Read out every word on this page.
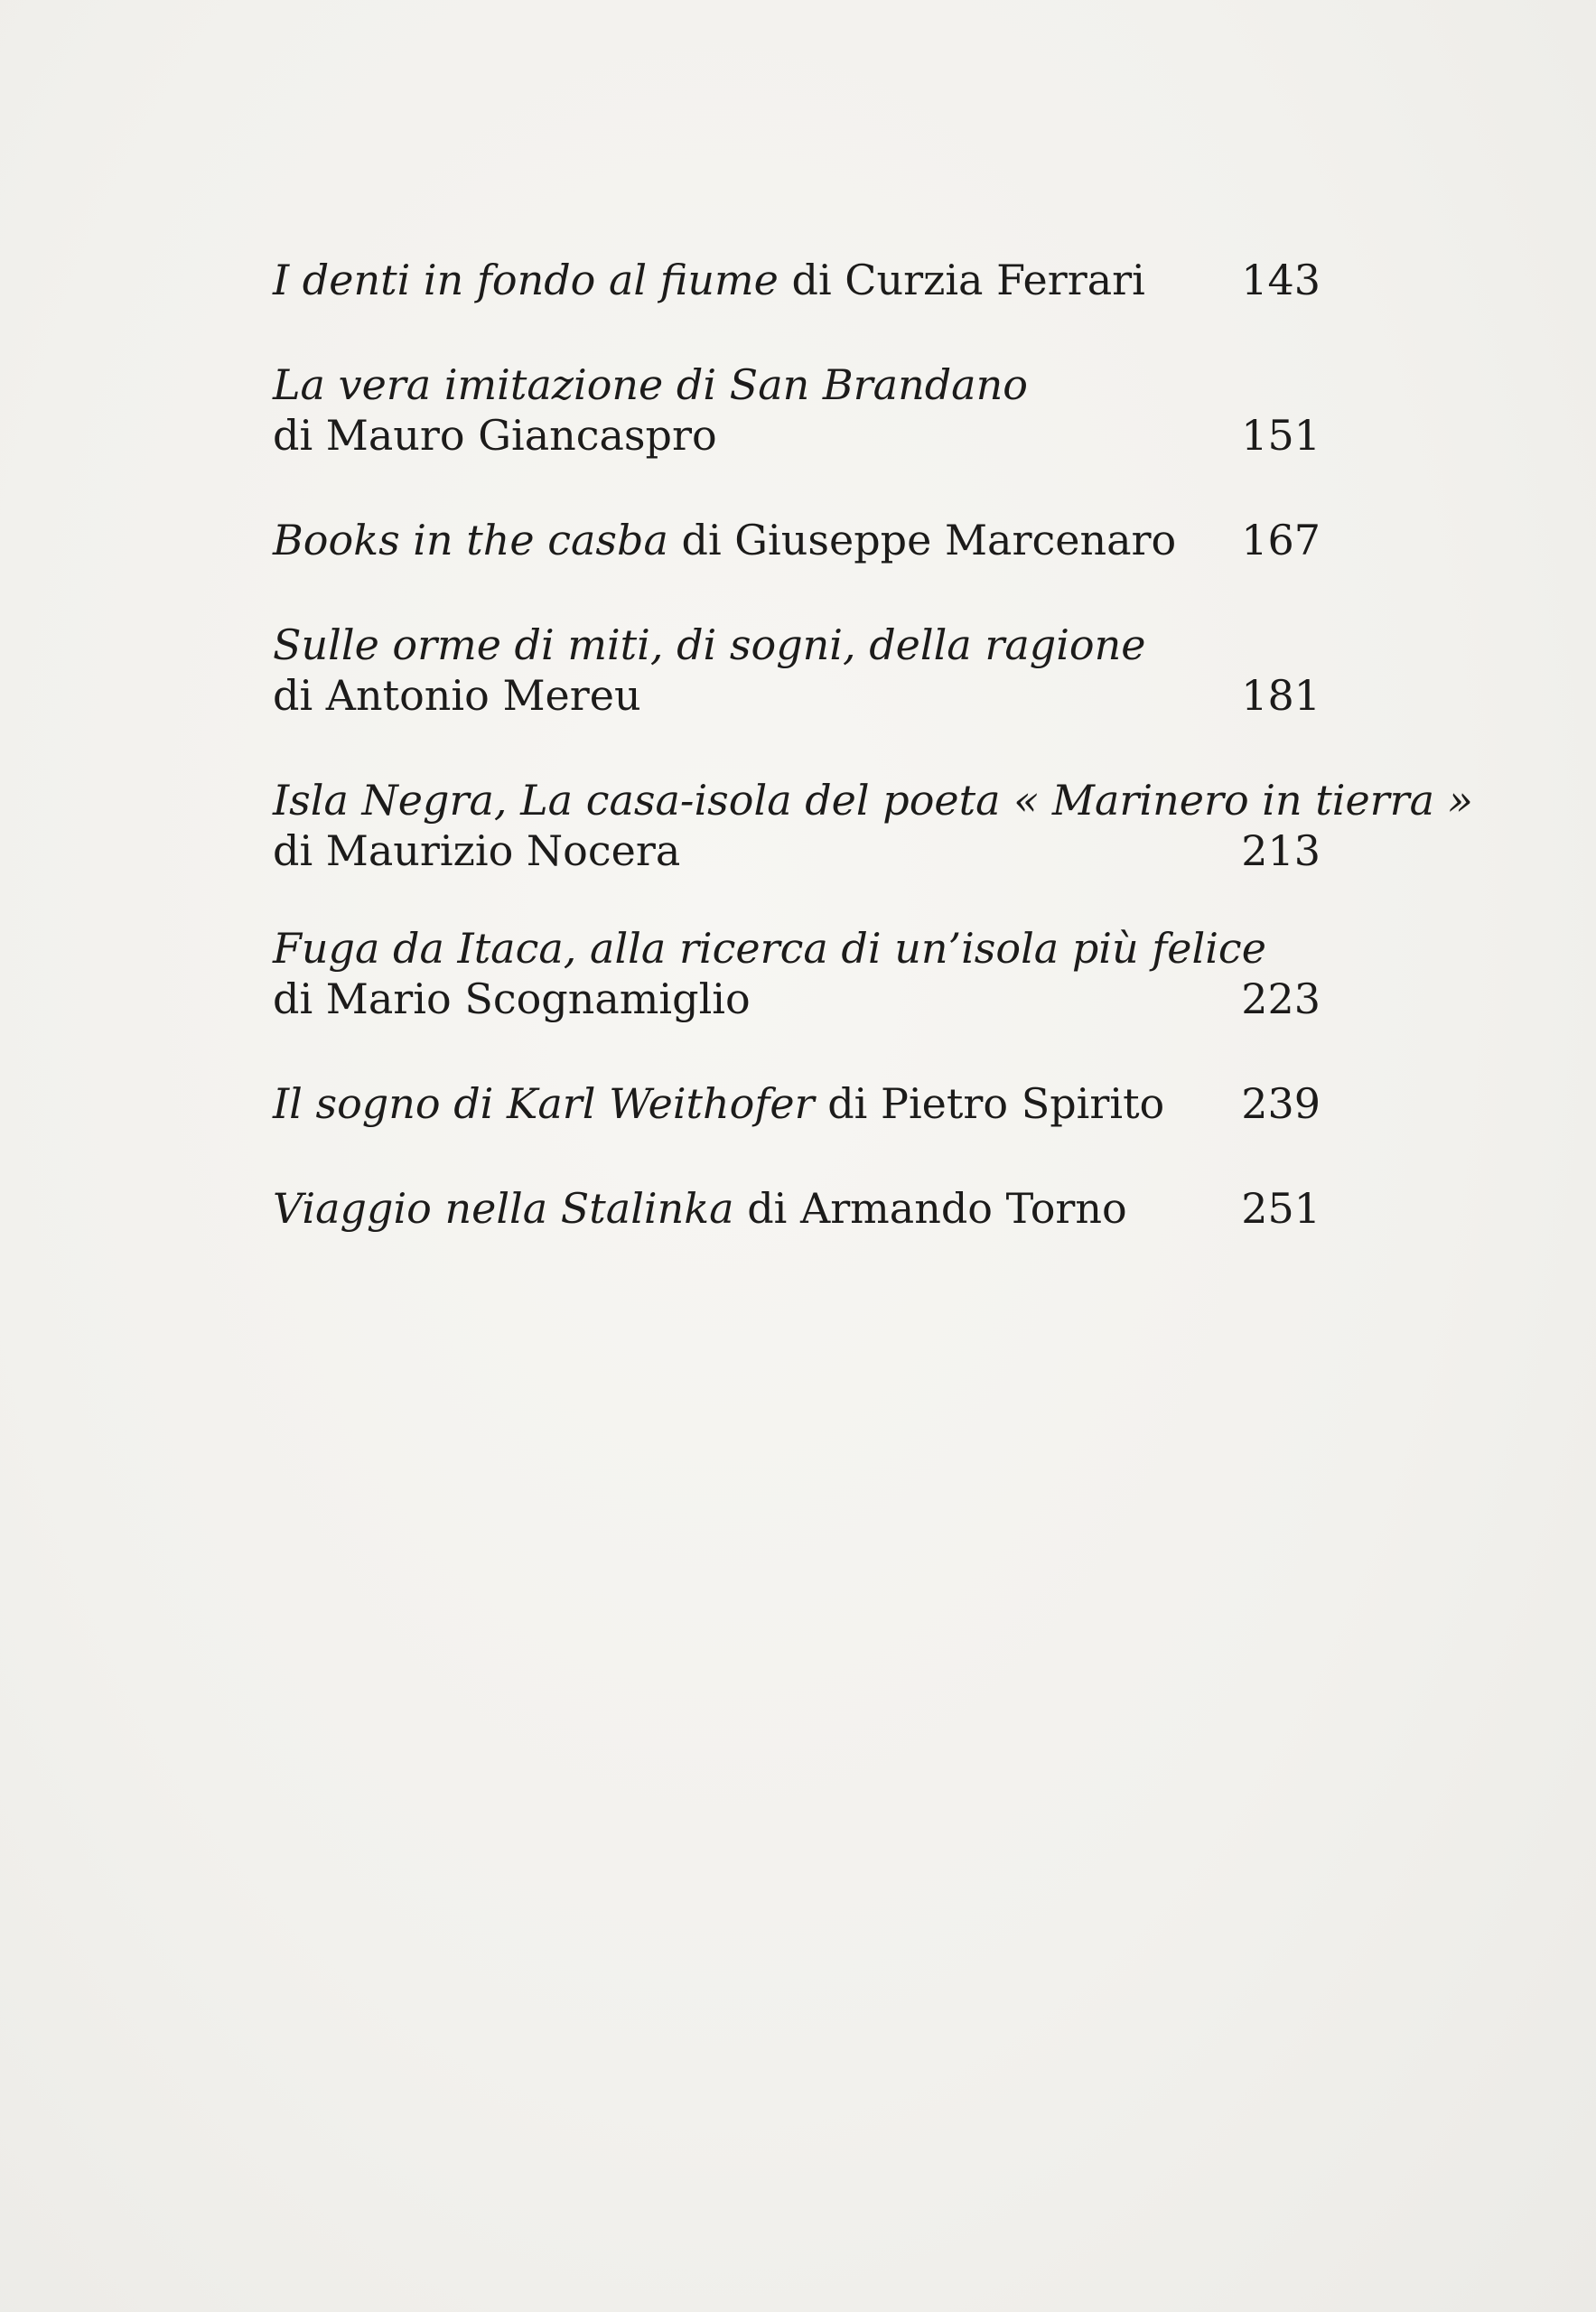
I denti in fondo al fiume di Curzia Ferrari	143
La vera imitazione di San Brandano
di Mauro Giancaspro	151
Books in the casba di Giuseppe Marcenaro	167
Sulle orme di miti, di sogni, della ragione
di Antonio Mereu	181
Isla Negra, La casa-isola del poeta « Marinero in tierra »
di Maurizio Nocera	213
Fuga da Itaca, alla ricerca di un’isola più felice
di Mario Scognamiglio	223
Il sogno di Karl Weithofer di Pietro Spirito	239
Viaggio nella Stalinka di Armando Torno	251
